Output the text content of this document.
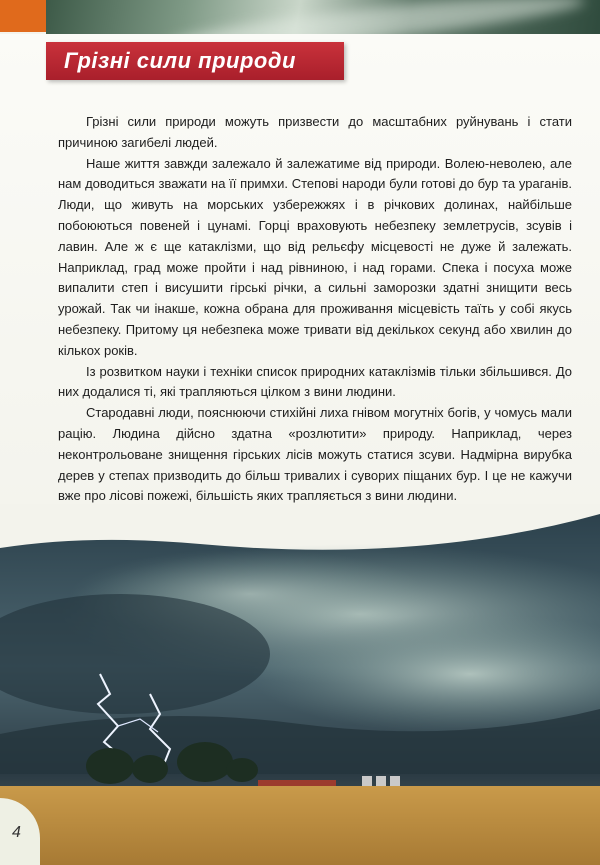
Грізні сили природи

Грізні сили природи можуть призвести до масштабних руйнувань і стати причиною загибелі людей.

Наше життя завжди залежало й залежатиме від природи. Волею-неволею, але нам доводиться зважати на її примхи. Степові народи були готові до бур та ураганів. Люди, що живуть на морських узбережжях і в річкових долинах, найбільше побоюються повеней і цунамі. Горці враховують небезпеку землетрусів, зсувів і лавин. Але ж є ще катаклізми, що від рельєфу місцевості не дуже й залежать. Наприклад, град може пройти і над рівниною, і над горами. Спека і посуха може випалити степ і висушити гірські річки, а сильні заморозки здатні знищити весь урожай. Так чи інакше, кожна обрана для проживання місцевість таїть у собі якусь небезпеку. Притому ця небезпека може тривати від декількох секунд або хвилин до кількох років.

Із розвитком науки і техніки список природних катаклізмів тільки збільшився. До них додалися ті, які трапляються цілком з вини людини.

Стародавні люди, пояснюючи стихійні лиха гнівом могутніх богів, у чомусь мали рацію. Людина дійсно здатна «розлютити» природу. Наприклад, через неконтрольоване знищення гірських лісів можуть статися зсуви. Надмірна вирубка дерев у степах призводить до більш тривалих і суворих піщаних бур. І це не кажучи вже про лісові пожежі, більшість яких трапляється з вини людини.

4
